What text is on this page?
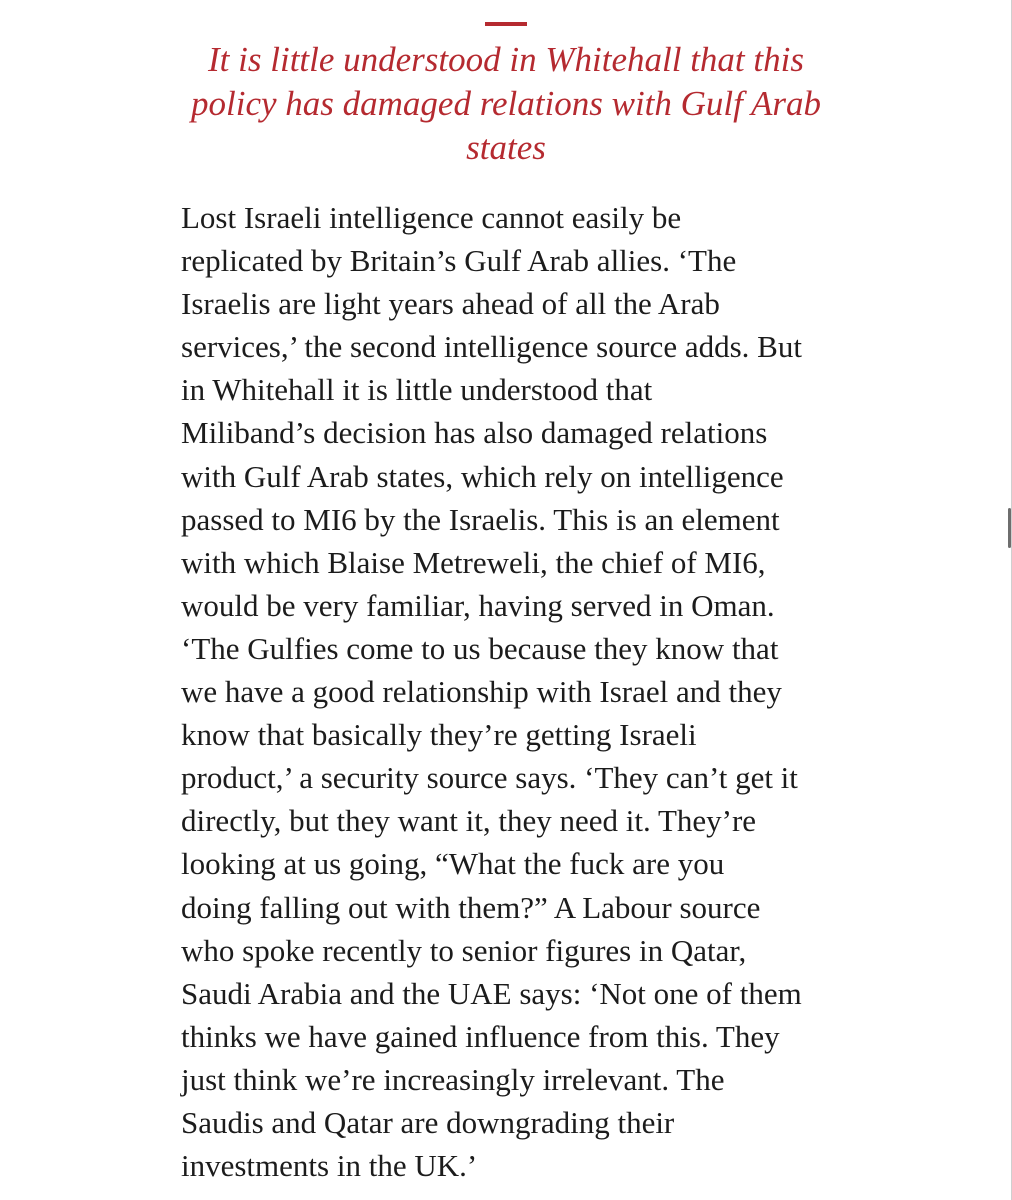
It is little understood in Whitehall that this policy has damaged relations with Gulf Arab states

Lost Israeli intelligence cannot easily be
replicated by Britain’s Gulf Arab allies. ‘The
Israelis are light years ahead of all the Arab
services,’ the second intelligence source adds. But
in Whitehall it is little understood that
Miliband’s decision has also damaged relations
with Gulf Arab states, which rely on intelligence
passed to MI6 by the Israelis. This is an element
with which Blaise Metreweli, the chief of MI6,
would be very familiar, having served in Oman.
‘The Gulfies come to us because they know that
we have a good relationship with Israel and they
know that basically they’re getting Israeli
product,’ a security source says. ‘They can’t get it
directly, but they want it, they need it. They’re
looking at us going, “What the fuck are you
doing falling out with them?” A Labour source
who spoke recently to senior figures in Qatar,
Saudi Arabia and the UAE says: ‘Not one of them
thinks we have gained influence from this. They
just think we’re increasingly irrelevant. The
Saudis and Qatar are downgrading their
investments in the UK.’
